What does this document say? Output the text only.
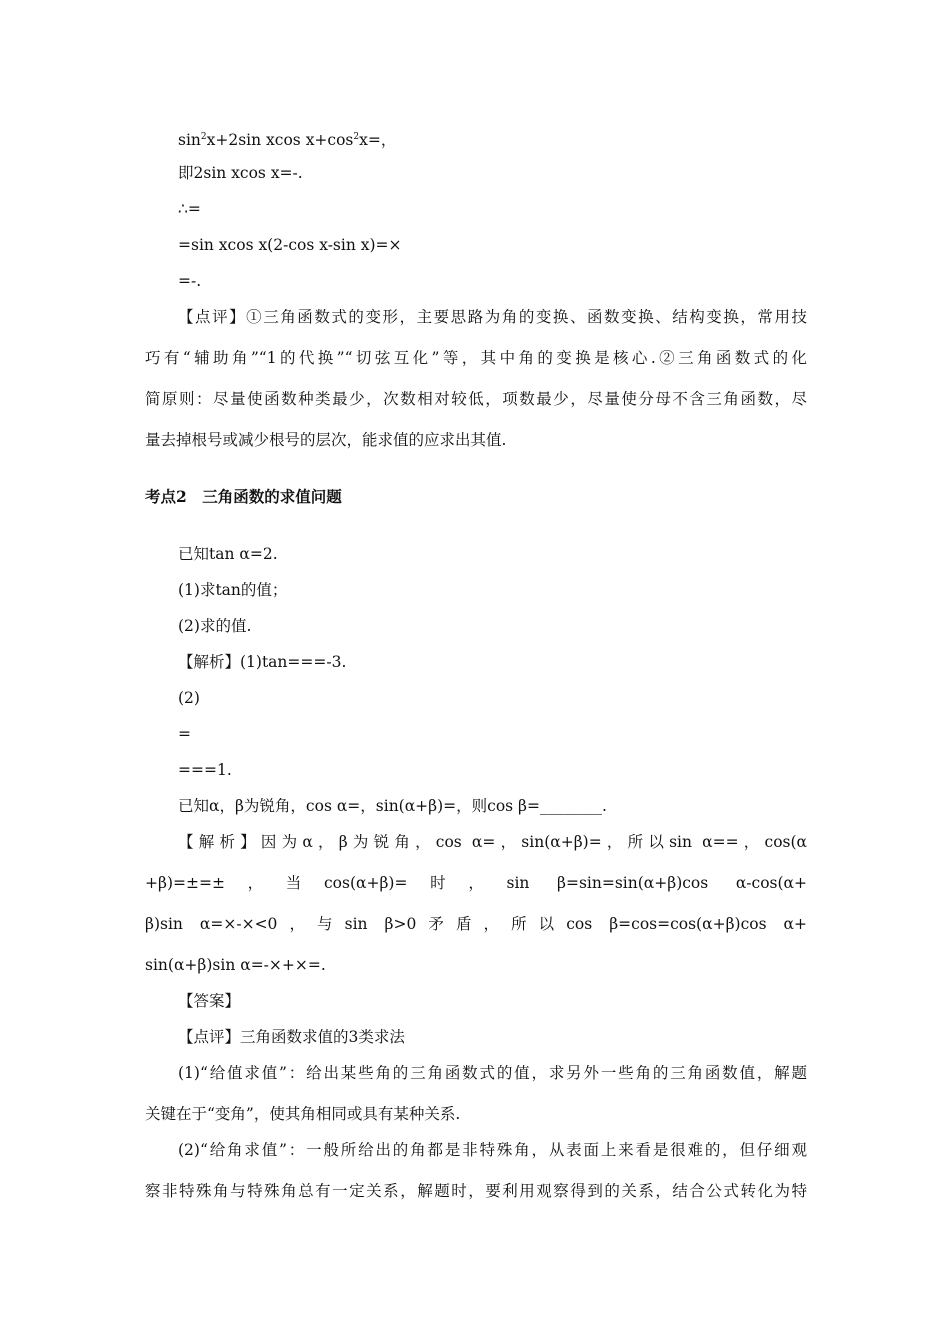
$\sin^2x+2\sin$ xcos $x+\cos^2x=$，
即2sin xcos x=-.
∴=
=sin xcos x(2-cos x-sin x)=×
=-.
【点评】①三角函数式的变形，主要思路为角的变换、函数变换、结构变换，常用技
巧有“辅助角”“1的代换”“切弦互化”等，其中角的变换是核心.②三角函数式的化
简原则：尽量使函数种类最少，次数相对较低，项数最少，尽量使分母不含三角函数，尽
量去掉根号或减少根号的层次，能求值的应求出其值.
考点2　三角函数的求值问题
已知tan α=2.
(1)求tan的值；
(2)求的值.
【解析】(1)tan===-3.
(2)
=
===1.
已知α，β为锐角，cos α=，sin(α+β)=，则cos β=________.
【解析】因为α，β为锐角，cos α=，sin(α+β)=，所以sin α==，cos(α
+β)=±=±，当cos(α+β)=时，sin β=sin=sin(α+β)cos α-cos(α+
β)sin α=×-×<0，与sin β>0矛盾，所以cos β=cos=cos(α+β)cos α+
sin(α+β)sin α=-×+×=.
【答案】
【点评】三角函数求值的3类求法
(1)“给值求值”：给出某些角的三角函数式的值，求另外一些角的三角函数值，解题
关键在于“变角”，使其角相同或具有某种关系.
(2)“给角求值”：一般所给出的角都是非特殊角，从表面上来看是很难的，但仔细观
察非特殊角与特殊角总有一定关系，解题时，要利用观察得到的关系，结合公式转化为特
